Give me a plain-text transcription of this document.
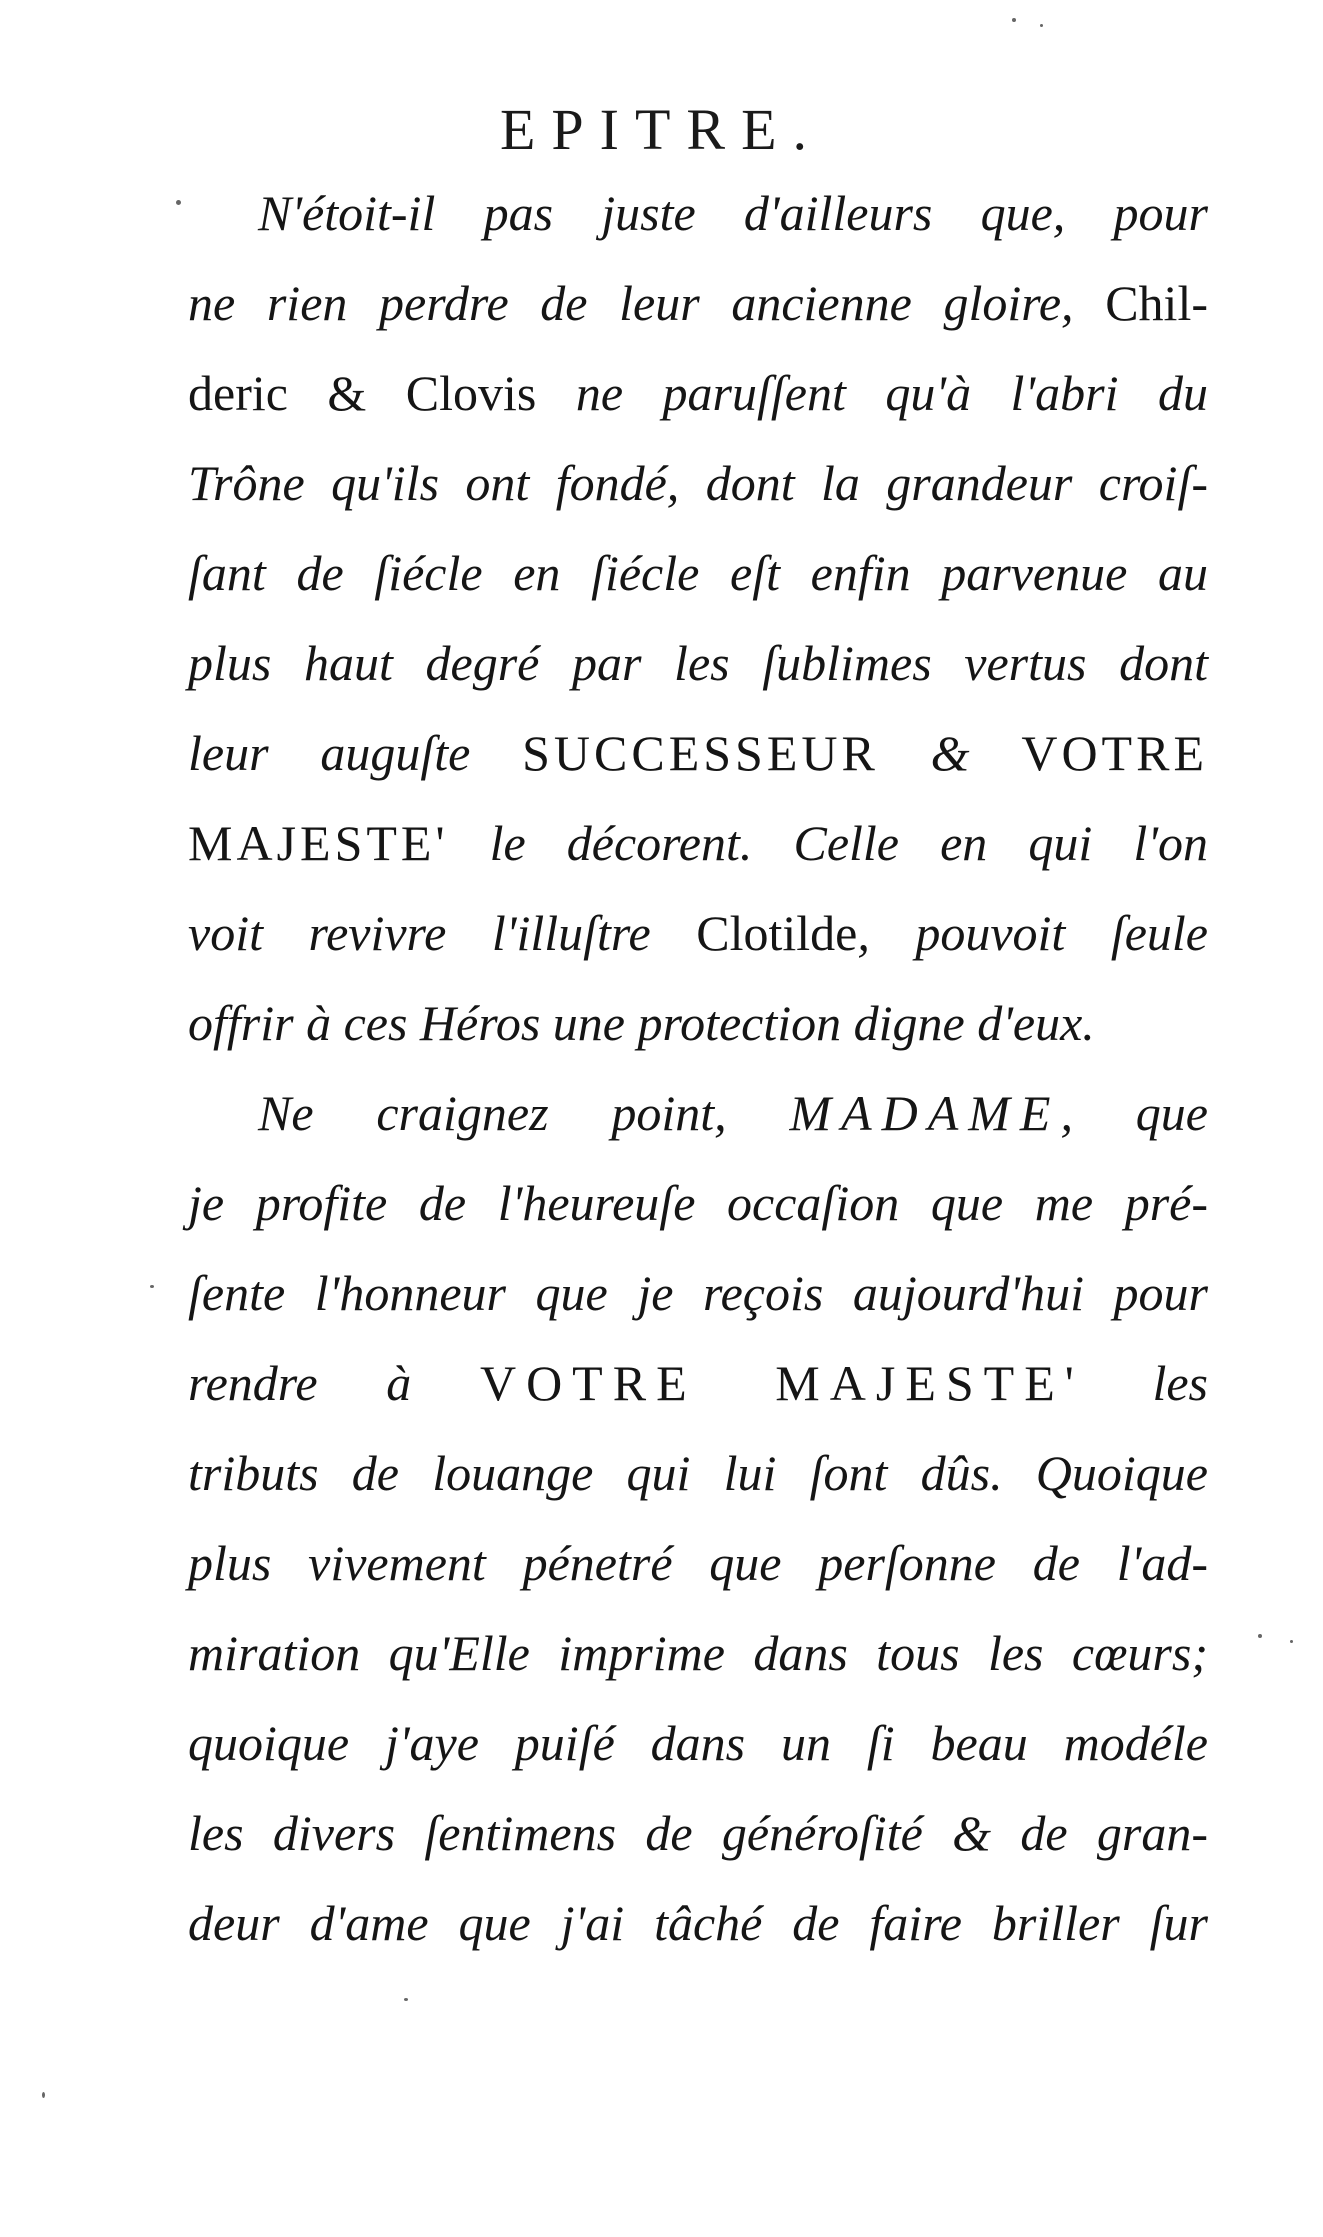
EPITRE.
N'étoit-il pas juste d'ailleurs que, pour
ne rien perdre de leur ancienne gloire, Chil-
deric & Clovis ne paruſſent qu'à l'abri du
Trône qu'ils ont fondé, dont la grandeur croiſ-
ſant de ſiécle en ſiécle eſt enfin parvenue au
plus haut degré par les ſublimes vertus dont
leur auguſte SUCCESSEUR & VOTRE
MAJESTE' le décorent. Celle en qui l'on
voit revivre l'illuſtre Clotilde, pouvoit ſeule
offrir à ces Héros une protection digne d'eux.
Ne craignez point, MADAME, que
je profite de l'heureuſe occaſion que me pré-
ſente l'honneur que je reçois aujourd'hui pour
rendre à VOTRE MAJESTE' les
tributs de louange qui lui ſont dûs. Quoique
plus vivement pénetré que perſonne de l'ad-
miration qu'Elle imprime dans tous les cœurs;
quoique j'aye puiſé dans un ſi beau modéle
les divers ſentimens de généroſité & de gran-
deur d'ame que j'ai tâché de faire briller ſur
